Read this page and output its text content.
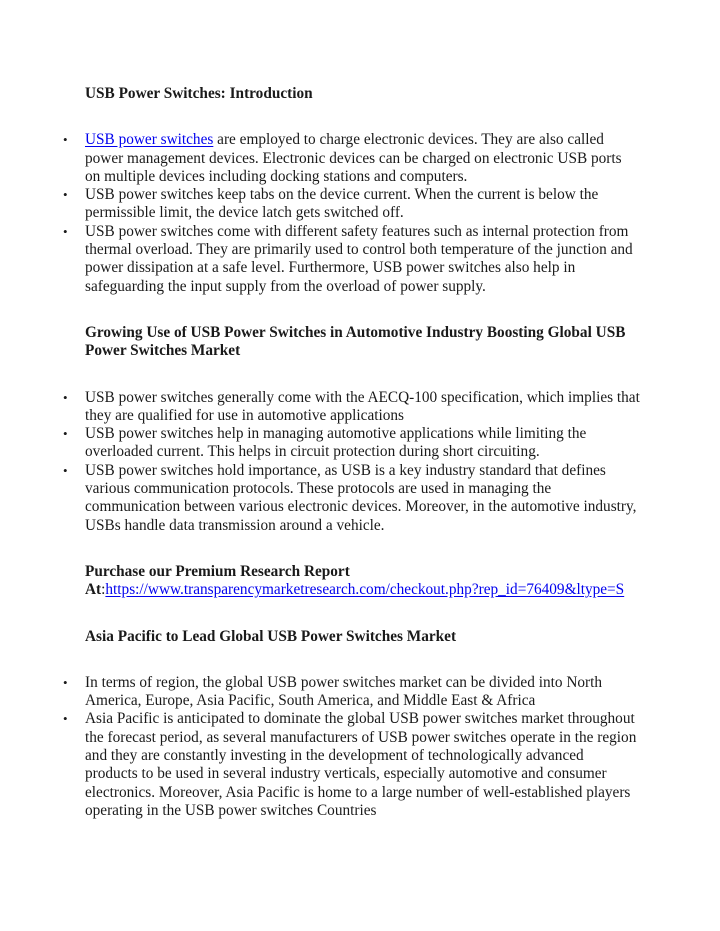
USB Power Switches: Introduction

• USB power switches are employed to charge electronic devices. They are also called power management devices. Electronic devices can be charged on electronic USB ports on multiple devices including docking stations and computers.
• USB power switches keep tabs on the device current. When the current is below the permissible limit, the device latch gets switched off.
• USB power switches come with different safety features such as internal protection from thermal overload. They are primarily used to control both temperature of the junction and power dissipation at a safe level. Furthermore, USB power switches also help in safeguarding the input supply from the overload of power supply.

Growing Use of USB Power Switches in Automotive Industry Boosting Global USB Power Switches Market

• USB power switches generally come with the AECQ-100 specification, which implies that they are qualified for use in automotive applications
• USB power switches help in managing automotive applications while limiting the overloaded current. This helps in circuit protection during short circuiting.
• USB power switches hold importance, as USB is a key industry standard that defines various communication protocols. These protocols are used in managing the communication between various electronic devices. Moreover, in the automotive industry, USBs handle data transmission around a vehicle.

Purchase our Premium Research Report
At:https://www.transparencymarketresearch.com/checkout.php?rep_id=76409&ltype=S

Asia Pacific to Lead Global USB Power Switches Market

• In terms of region, the global USB power switches market can be divided into North America, Europe, Asia Pacific, South America, and Middle East & Africa
• Asia Pacific is anticipated to dominate the global USB power switches market throughout the forecast period, as several manufacturers of USB power switches operate in the region and they are constantly investing in the development of technologically advanced products to be used in several industry verticals, especially automotive and consumer electronics. Moreover, Asia Pacific is home to a large number of well-established players operating in the USB power switches Countries
